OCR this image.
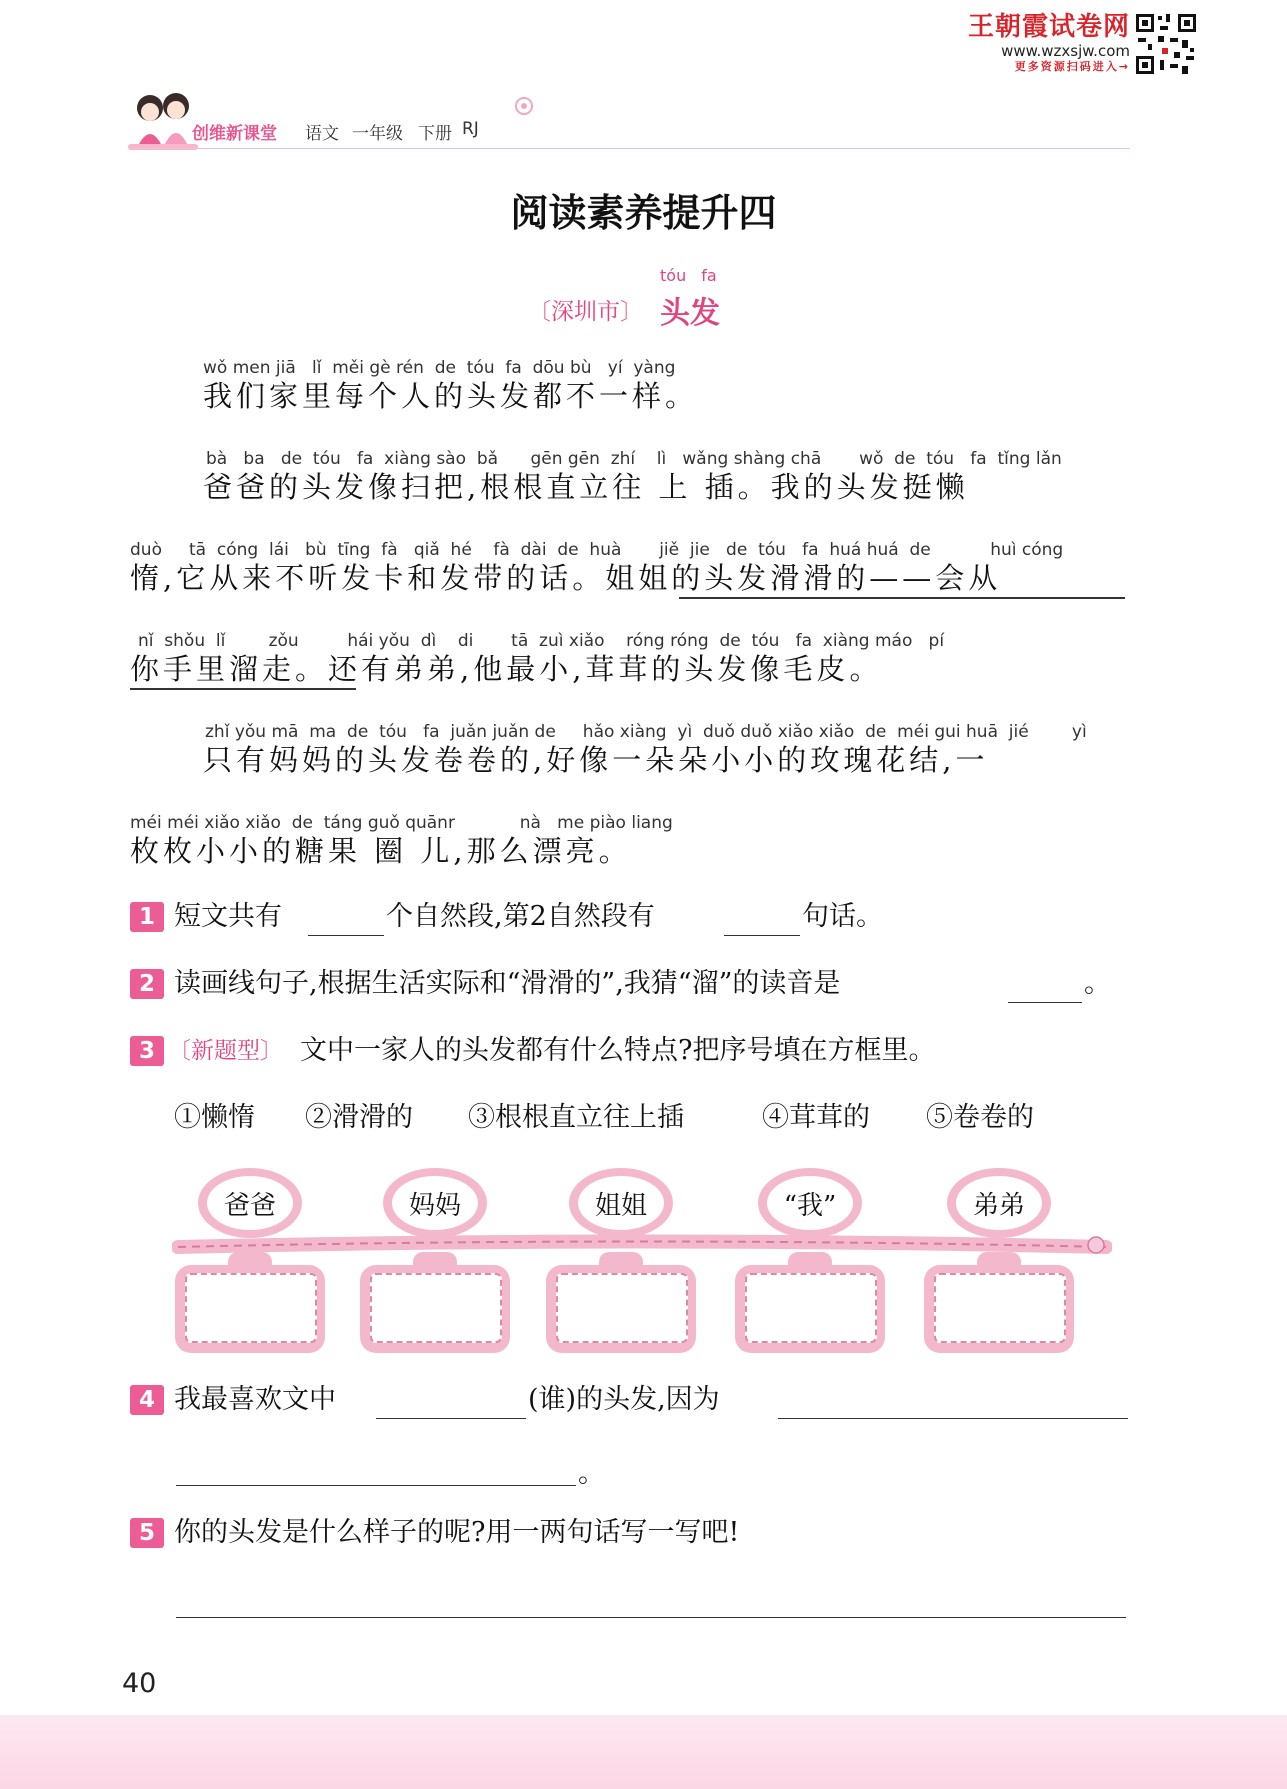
王朝霞试卷网
www.wzxsjw.com
更多资源扫码进入→
创维新课堂 语文 一年级 下册 RJ
阅读素养提升四
tóu fa
〔深圳市〕 头发
wǒ men jiā   lǐ  měi gè rén  de  tóu  fa  dōu bù   yí  yàng
我们家里每个人的头发都不一样。
bà   ba   de  tóu   fa  xiàng sào  bǎ      gēn gēn  zhí    lì   wǎng shàng chā       wǒ  de  tóu   fa  tǐng lǎn
爸爸的头发像扫把,根根直立往 上 插。我的头发挺懒
duò     tā  cóng  lái   bù  tīng  fà   qiǎ  hé    fà  dài  de  huà       jiě  jie   de  tóu   fa  huá huá  de           huì cóng
惰,它从来不听发卡和发带的话。姐姐的头发滑滑的——会从
nǐ  shǒu  lǐ        zǒu         hái yǒu  dì    di       tā  zuì xiǎo    róng róng  de  tóu   fa  xiàng máo   pí
你手里溜走。还有弟弟,他最小,茸茸的头发像毛皮。
zhǐ yǒu mā  ma  de  tóu   fa  juǎn juǎn de     hǎo xiàng  yì  duǒ duǒ xiǎo xiǎo  de  méi gui huā  jié        yì
只有妈妈的头发卷卷的,好像一朵朵小小的玫瑰花结,一
méi méi xiǎo xiǎo  de  táng guǒ quānr            nà   me piào liang
枚枚小小的糖果 圈 儿,那么漂亮。
1 短文共有	个自然段,第2自然段有	句话。
2 读画线句子,根据生活实际和“滑滑的”,我猜“溜”的读音是	。
3 〔新题型〕 文中一家人的头发都有什么特点?把序号填在方框里。
①懒惰 ②滑滑的 ③根根直立往上插	④茸茸的 ⑤卷卷的
爸爸	妈妈	姐姐	“我”	弟弟
4 我最喜欢文中	(谁)的头发,因为
。
5 你的头发是什么样子的呢?用一两句话写一写吧!
40
